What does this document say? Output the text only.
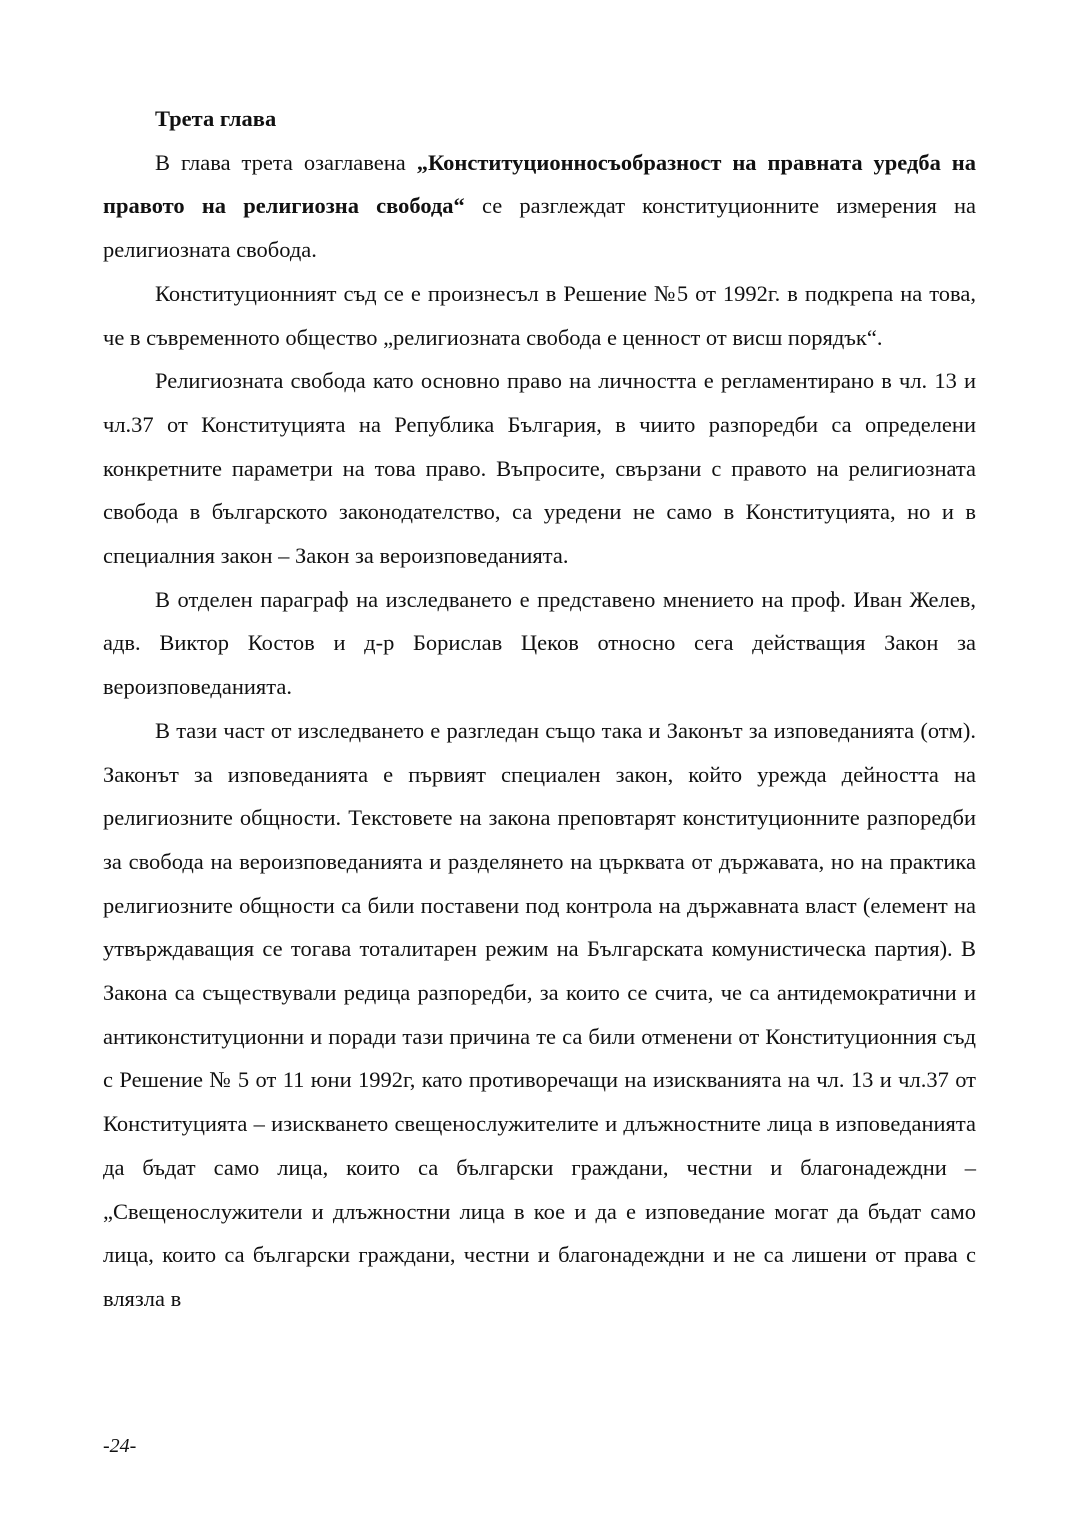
Трета глава

В глава трета озаглавена „Конституционносъобразност на правната уредба на правото на религиозна свобода“ се разглеждат конституционните измерения на религиозната свобода.

Конституционният съд се е произнесъл в Решение №5 от 1992г. в подкрепа на това, че в съвременното общество „религиозната свобода е ценност от висш порядък“.

Религиозната свобода като основно право на личността е регламентирано в чл. 13 и чл.37 от Конституцията на Република България, в чиито разпоредби са определени конкретните параметри на това право. Въпросите, свързани с правото на религиозната свобода в българското законодателство, са уредени не само в Конституцията, но и в специалния закон – Закон за вероизповеданията.

В отделен параграф на изследването е представено мнението на проф. Иван Желев, адв. Виктор Костов и д-р Борислав Цеков относно сега действащия Закон за вероизповеданията.

В тази част от изследването е разгледан също така и Законът за изповеданията (отм). Законът за изповеданията е първият специален закон, който урежда дейността на религиозните общности. Текстовете на закона преповтарят конституционните разпоредби за свобода на вероизповеданията и разделянето на църквата от държавата, но на практика религиозните общности са били поставени под контрола на държавната власт (елемент на утвърждаващия се тогава тоталитарен режим на Българската комунистическа партия). В Закона са съществували редица разпоредби, за които се счита, че са антидемократични и антиконституционни и поради тази причина те са били отменени от Конституционния съд с Решение № 5 от 11 юни 1992г, като противоречащи на изискванията на чл. 13 и чл.37 от Конституцията – изискването свещенослужителите и длъжностните лица в изповеданията да бъдат само лица, които са български граждани, честни и благонадеждни – „Свещенослужители и длъжностни лица в кое и да е изповедание могат да бъдат само лица, които са български граждани, честни и благонадеждни и не са лишени от права с влязла в

-24-
